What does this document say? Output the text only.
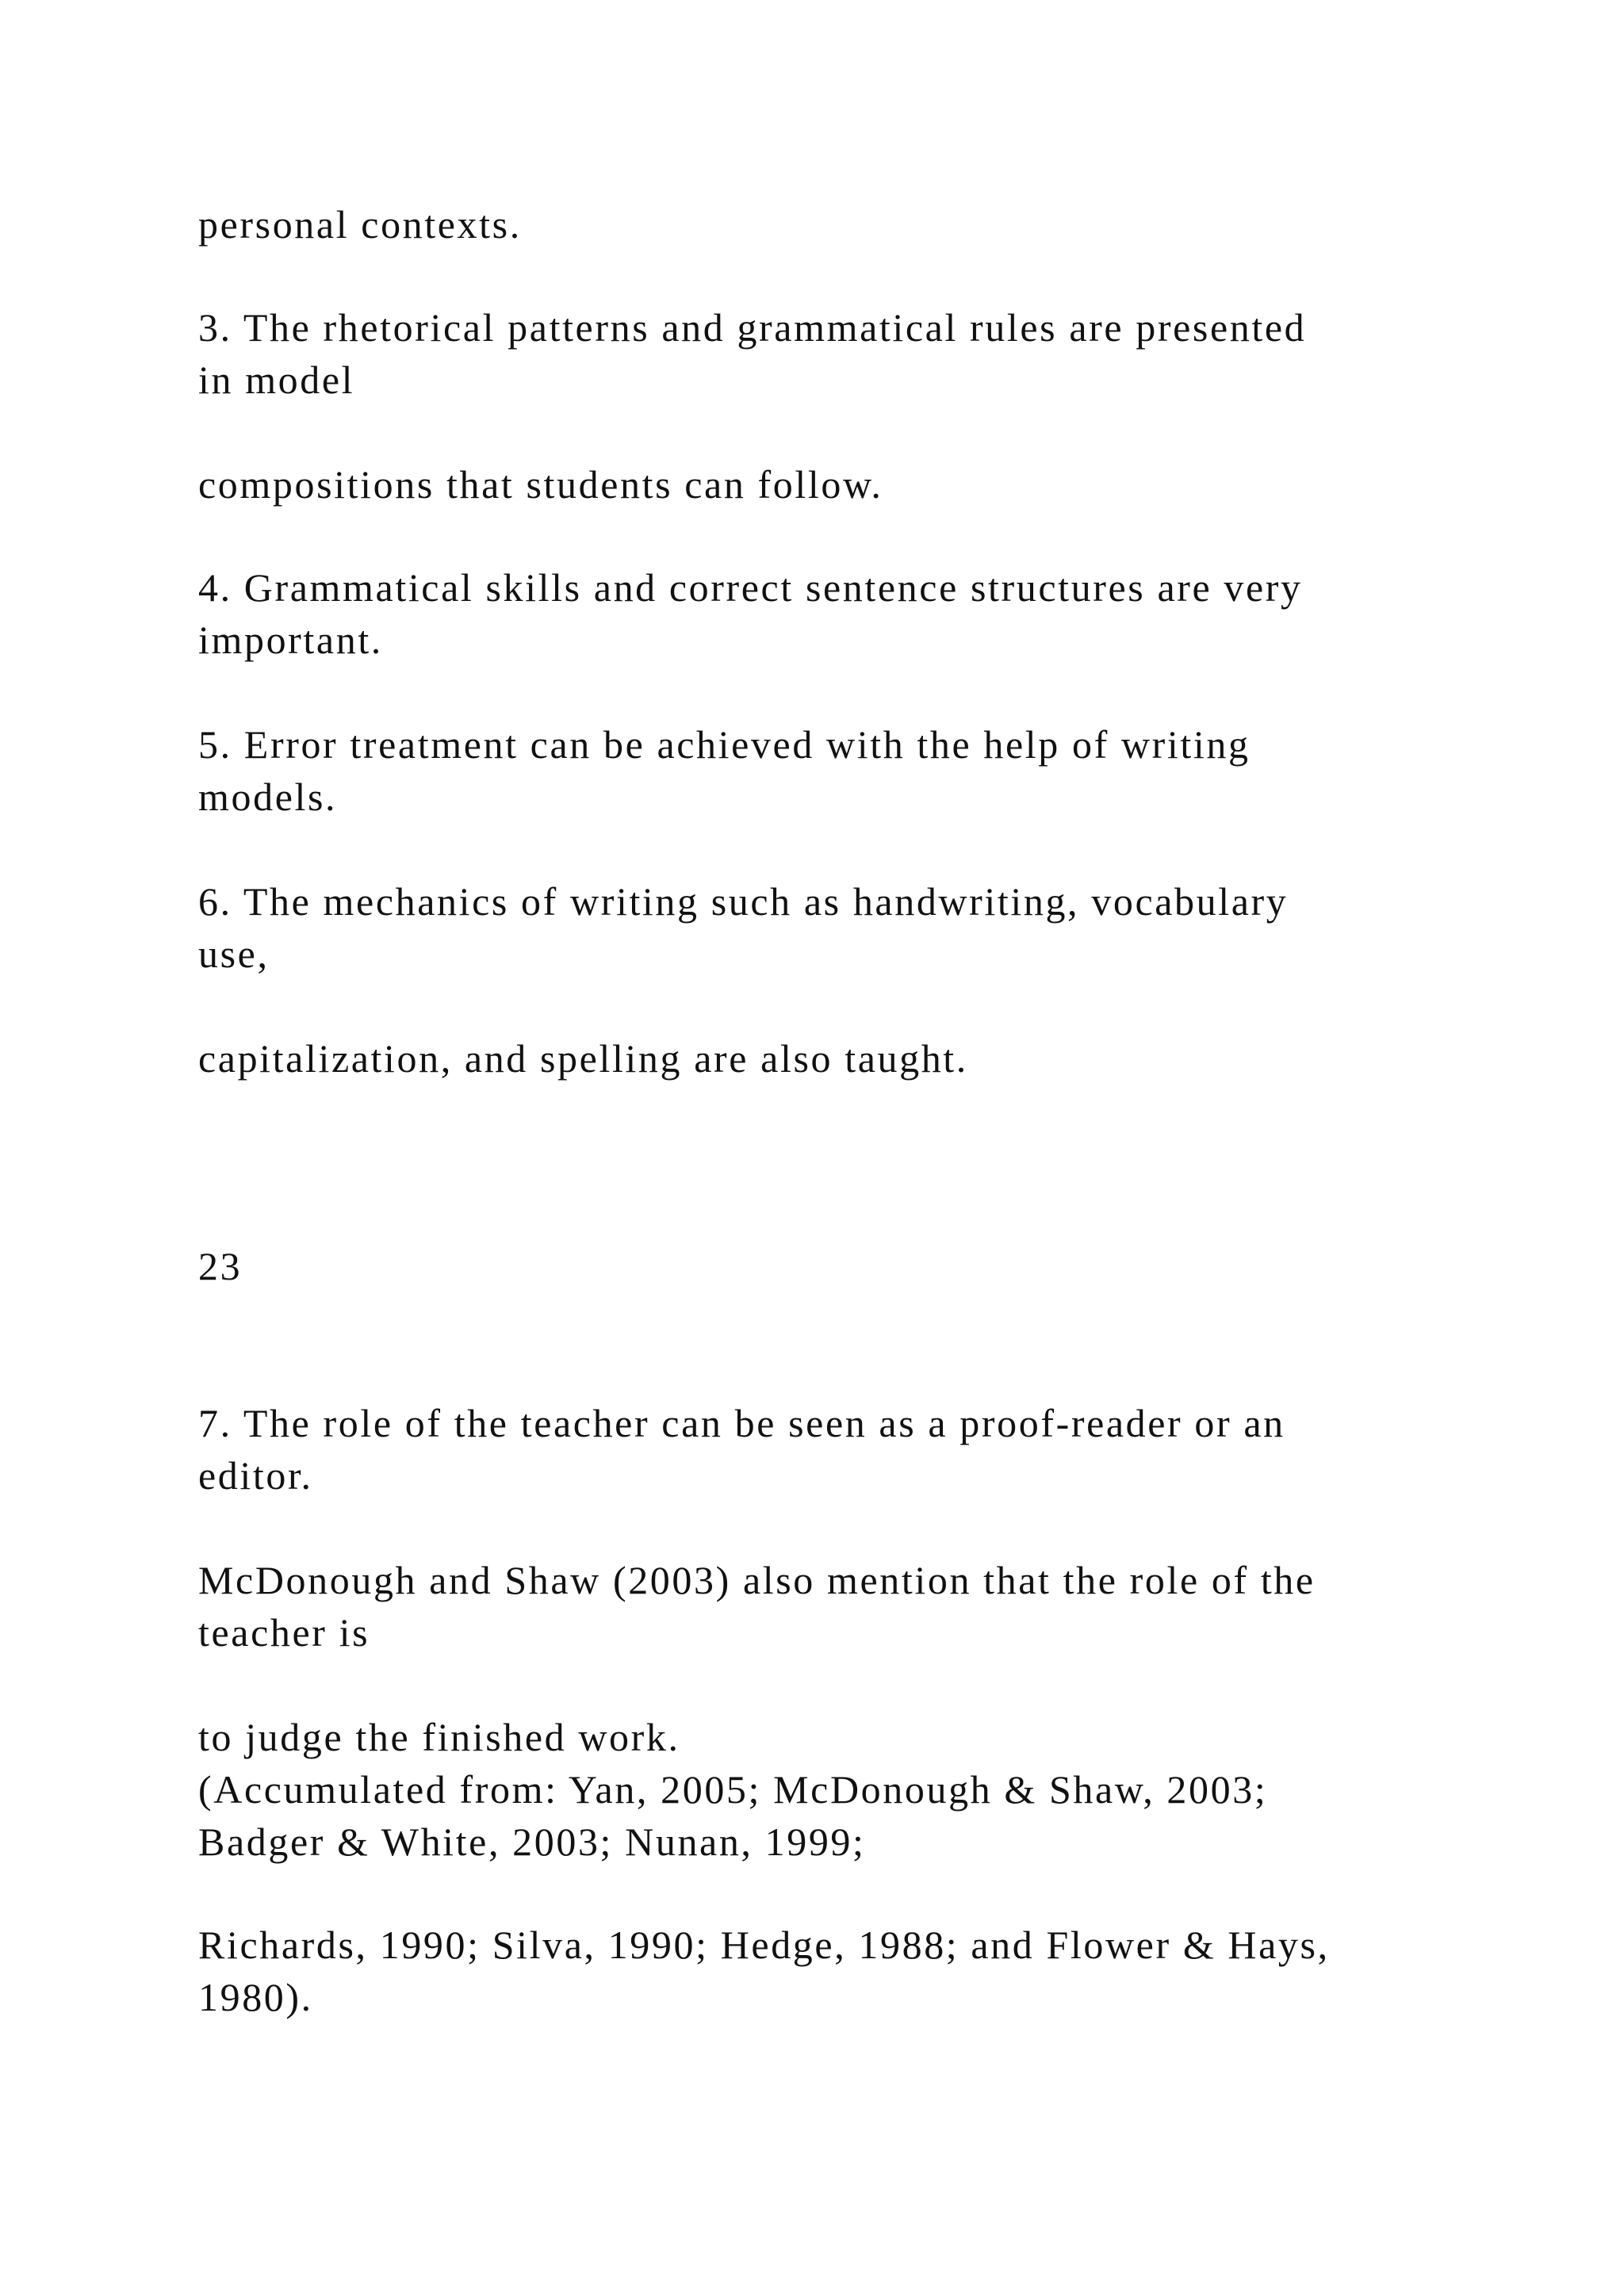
personal contexts.

3. The rhetorical patterns and grammatical rules are presented

in model

compositions that students can follow.

4. Grammatical skills and correct sentence structures are very

important.

5. Error treatment can be achieved with the help of writing

models.

6. The mechanics of writing such as handwriting, vocabulary

use,

capitalization, and spelling are also taught.

23

7. The role of the teacher can be seen as a proof-reader or an

editor.

McDonough and Shaw (2003) also mention that the role of the

teacher is

to judge the finished work.

(Accumulated from: Yan, 2005; McDonough & Shaw, 2003;

Badger & White, 2003; Nunan, 1999;

Richards, 1990; Silva, 1990; Hedge, 1988; and Flower & Hays,

1980).
